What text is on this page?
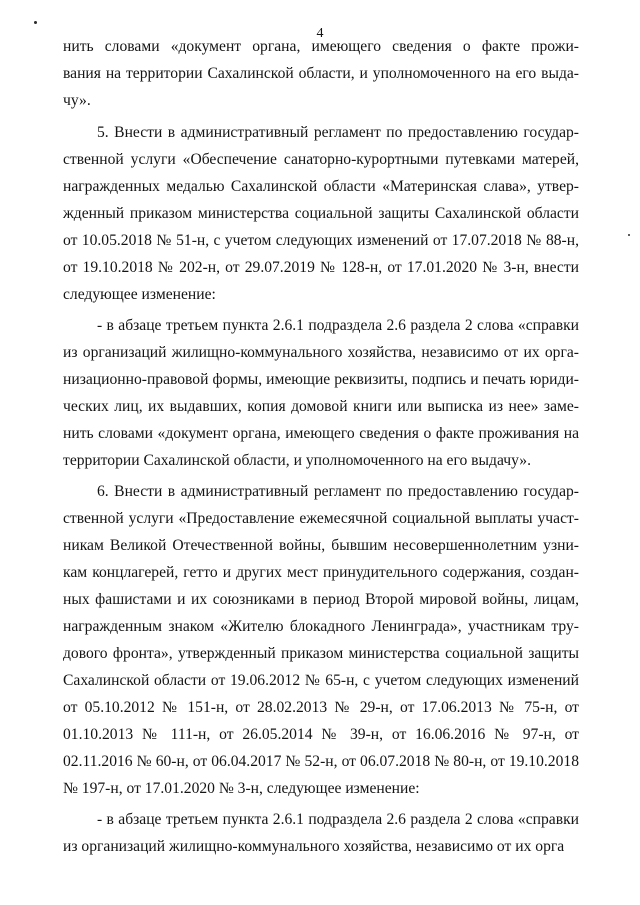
4
нить словами «документ органа, имеющего сведения о факте прожи-
вания на территории Сахалинской области, и уполномоченного на его выда-
чу».
5. Внести в административный регламент по предоставлению государ-
ственной услуги «Обеспечение санаторно-курортными путевками матерей,
награжденных медалью Сахалинской области «Материнская слава», утвер-
жденный приказом министерства социальной защиты Сахалинской области
от 10.05.2018 № 51-н, с учетом следующих изменений от 17.07.2018 № 88-н,
от 19.10.2018 № 202-н, от 29.07.2019 № 128-н, от 17.01.2020 № 3-н, внести
следующее изменение:
- в абзаце третьем пункта 2.6.1 подраздела 2.6 раздела 2 слова «справки
из организаций жилищно-коммунального хозяйства, независимо от их орга-
низационно-правовой формы, имеющие реквизиты, подпись и печать юриди-
ческих лиц, их выдавших, копия домовой книги или выписка из нее» заме-
нить словами «документ органа, имеющего сведения о факте проживания на
территории Сахалинской области, и уполномоченного на его выдачу».
6. Внести в административный регламент по предоставлению государ-
ственной услуги «Предоставление ежемесячной социальной выплаты участ-
никам Великой Отечественной войны, бывшим несовершеннолетним узни-
кам концлагерей, гетто и других мест принудительного содержания, создан-
ных фашистами и их союзниками в период Второй мировой войны, лицам,
награжденным знаком «Жителю блокадного Ленинграда», участникам тру-
дового фронта», утвержденный приказом министерства социальной защиты
Сахалинской области от 19.06.2012 № 65-н, с учетом следующих изменений
от 05.10.2012 № 151-н, от 28.02.2013 № 29-н, от 17.06.2013 № 75-н, от
01.10.2013 № 111-н, от 26.05.2014 № 39-н, от 16.06.2016 № 97-н, от
02.11.2016 № 60-н, от 06.04.2017 № 52-н, от 06.07.2018 № 80-н, от 19.10.2018
№ 197-н, от 17.01.2020 № 3-н, следующее изменение:
- в абзаце третьем пункта 2.6.1 подраздела 2.6 раздела 2 слова «справки
из организаций жилищно-коммунального хозяйства, независимо от их орга
